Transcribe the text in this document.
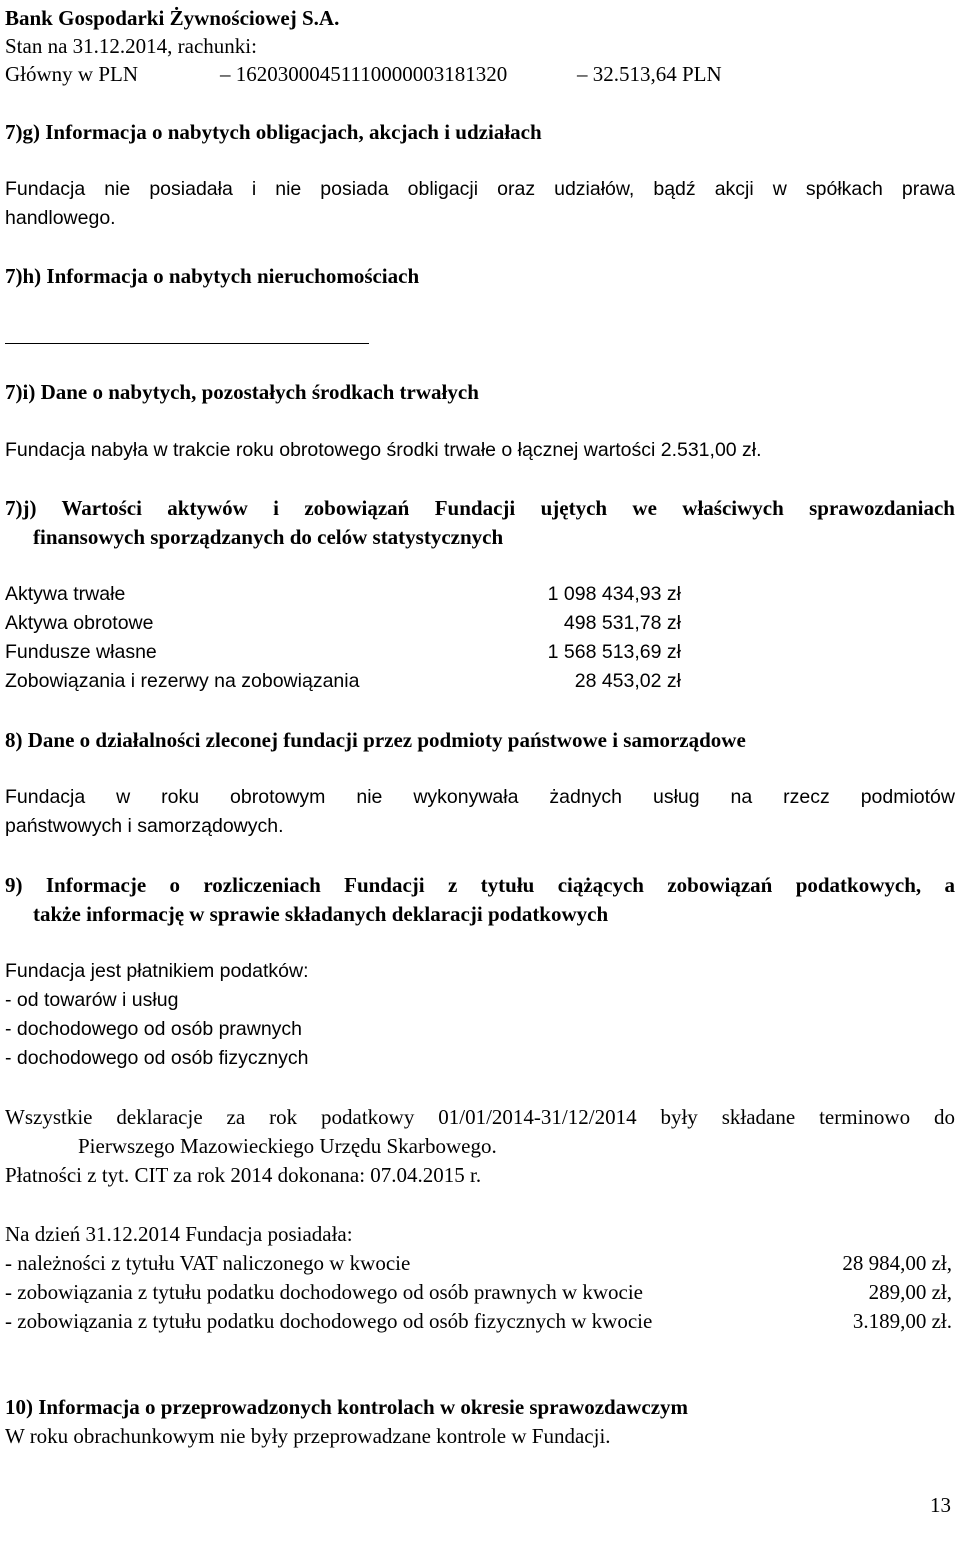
Bank Gospodarki Żywnościowej S.A.
Stan na 31.12.2014, rachunki:
Główny w PLN	– 16203000451110000003181320	– 32.513,64 PLN
7)g) Informacja o nabytych obligacjach, akcjach i udziałach
Fundacja nie posiadała i nie posiada obligacji oraz udziałów, bądź akcji w spółkach prawa
handlowego.
7)h) Informacja o nabytych nieruchomościach
7)i) Dane o nabytych, pozostałych środkach trwałych
Fundacja nabyła w trakcie roku obrotowego środki trwałe o łącznej wartości 2.531,00 zł.
7)j) Wartości aktywów i zobowiązań Fundacji ujętych we właściwych sprawozdaniach
finansowych sporządzanych do celów statystycznych
Aktywa trwałe	1 098 434,93 zł
Aktywa obrotowe	498 531,78 zł
Fundusze własne	1 568 513,69 zł
Zobowiązania i rezerwy na zobowiązania	28 453,02 zł
8) Dane o działalności zleconej fundacji przez podmioty państwowe i samorządowe
Fundacja w roku obrotowym nie wykonywała żadnych usług na rzecz podmiotów
państwowych i samorządowych.
9) Informacje o rozliczeniach Fundacji z tytułu ciążących zobowiązań podatkowych, a
także informację w sprawie składanych deklaracji podatkowych
Fundacja jest płatnikiem podatków:
- od towarów i usług
- dochodowego od osób prawnych
- dochodowego od osób fizycznych
Wszystkie deklaracje za rok podatkowy 01/01/2014-31/12/2014 były składane terminowo do
Pierwszego Mazowieckiego Urzędu Skarbowego.
Płatności z tyt. CIT za rok 2014 dokonana: 07.04.2015 r.
Na dzień 31.12.2014 Fundacja posiadała:
- należności z tytułu VAT naliczonego w kwocie	28 984,00 zł,
- zobowiązania z tytułu podatku dochodowego od osób prawnych w kwocie	289,00 zł,
- zobowiązania z tytułu podatku dochodowego od osób fizycznych w kwocie	3.189,00 zł.
10) Informacja o przeprowadzonych kontrolach w okresie sprawozdawczym
W roku obrachunkowym nie były przeprowadzane kontrole w Fundacji.
13
